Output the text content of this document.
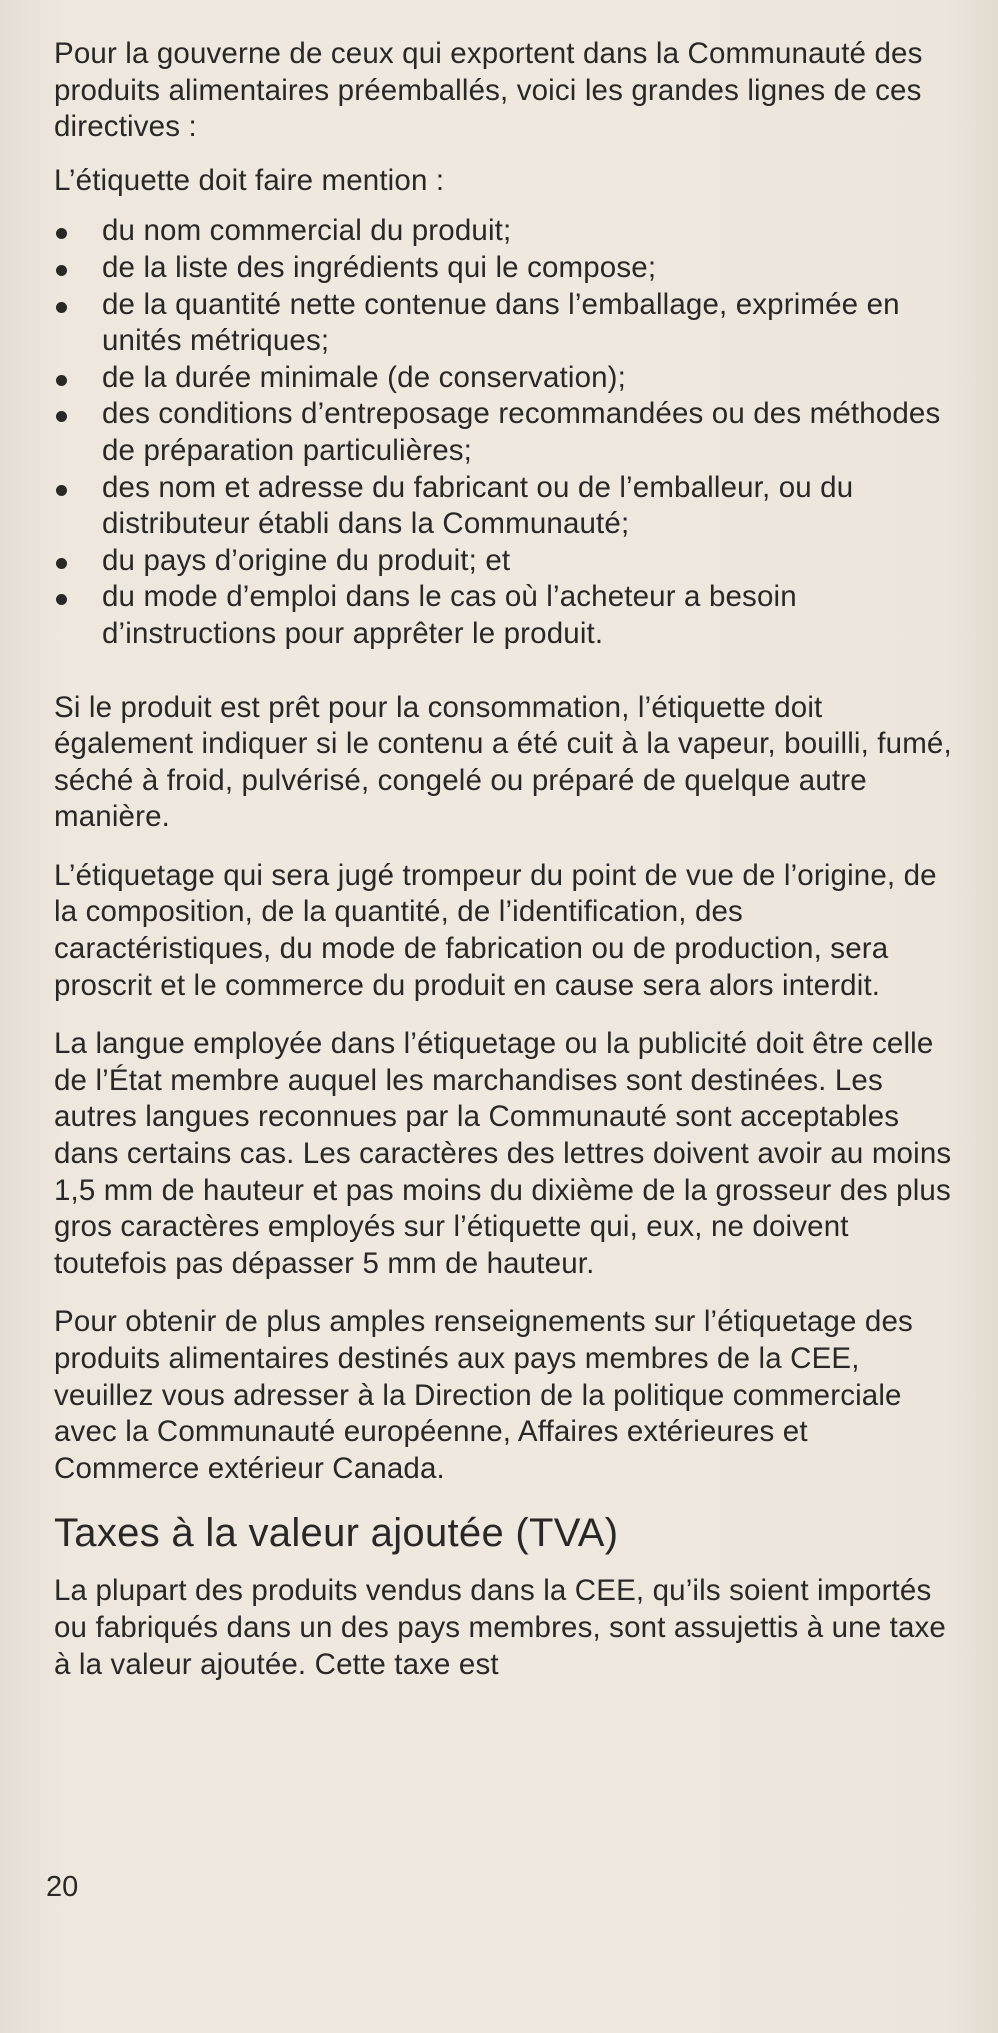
Pour la gouverne de ceux qui exportent dans la Communauté des produits alimentaires préemballés, voici les grandes lignes de ces directives :

L’étiquette doit faire mention :

du nom commercial du produit;
de la liste des ingrédients qui le compose;
de la quantité nette contenue dans l’emballage, exprimée en unités métriques;
de la durée minimale (de conservation);
des conditions d’entreposage recommandées ou des méthodes de préparation particulières;
des nom et adresse du fabricant ou de l’emballeur, ou du distributeur établi dans la Communauté;
du pays d’origine du produit; et
du mode d’emploi dans le cas où l’acheteur a besoin d’instructions pour apprêter le produit.

Si le produit est prêt pour la consommation, l’étiquette doit également indiquer si le contenu a été cuit à la vapeur, bouilli, fumé, séché à froid, pulvérisé, congelé ou préparé de quelque autre manière.

L’étiquetage qui sera jugé trompeur du point de vue de l’origine, de la composition, de la quantité, de l’identification, des caractéristiques, du mode de fabrication ou de production, sera proscrit et le commerce du produit en cause sera alors interdit.

La langue employée dans l’étiquetage ou la publicité doit être celle de l’État membre auquel les marchandises sont destinées. Les autres langues reconnues par la Communauté sont acceptables dans certains cas. Les caractères des lettres doivent avoir au moins 1,5 mm de hauteur et pas moins du dixième de la grosseur des plus gros caractères employés sur l’étiquette qui, eux, ne doivent toutefois pas dépasser 5 mm de hauteur.

Pour obtenir de plus amples renseignements sur l’étiquetage des produits alimentaires destinés aux pays membres de la CEE, veuillez vous adresser à la Direction de la politique commerciale avec la Communauté européenne, Affaires extérieures et Commerce extérieur Canada.

Taxes à la valeur ajoutée (TVA)

La plupart des produits vendus dans la CEE, qu’ils soient importés ou fabriqués dans un des pays membres, sont assujettis à une taxe à la valeur ajoutée. Cette taxe est

20
